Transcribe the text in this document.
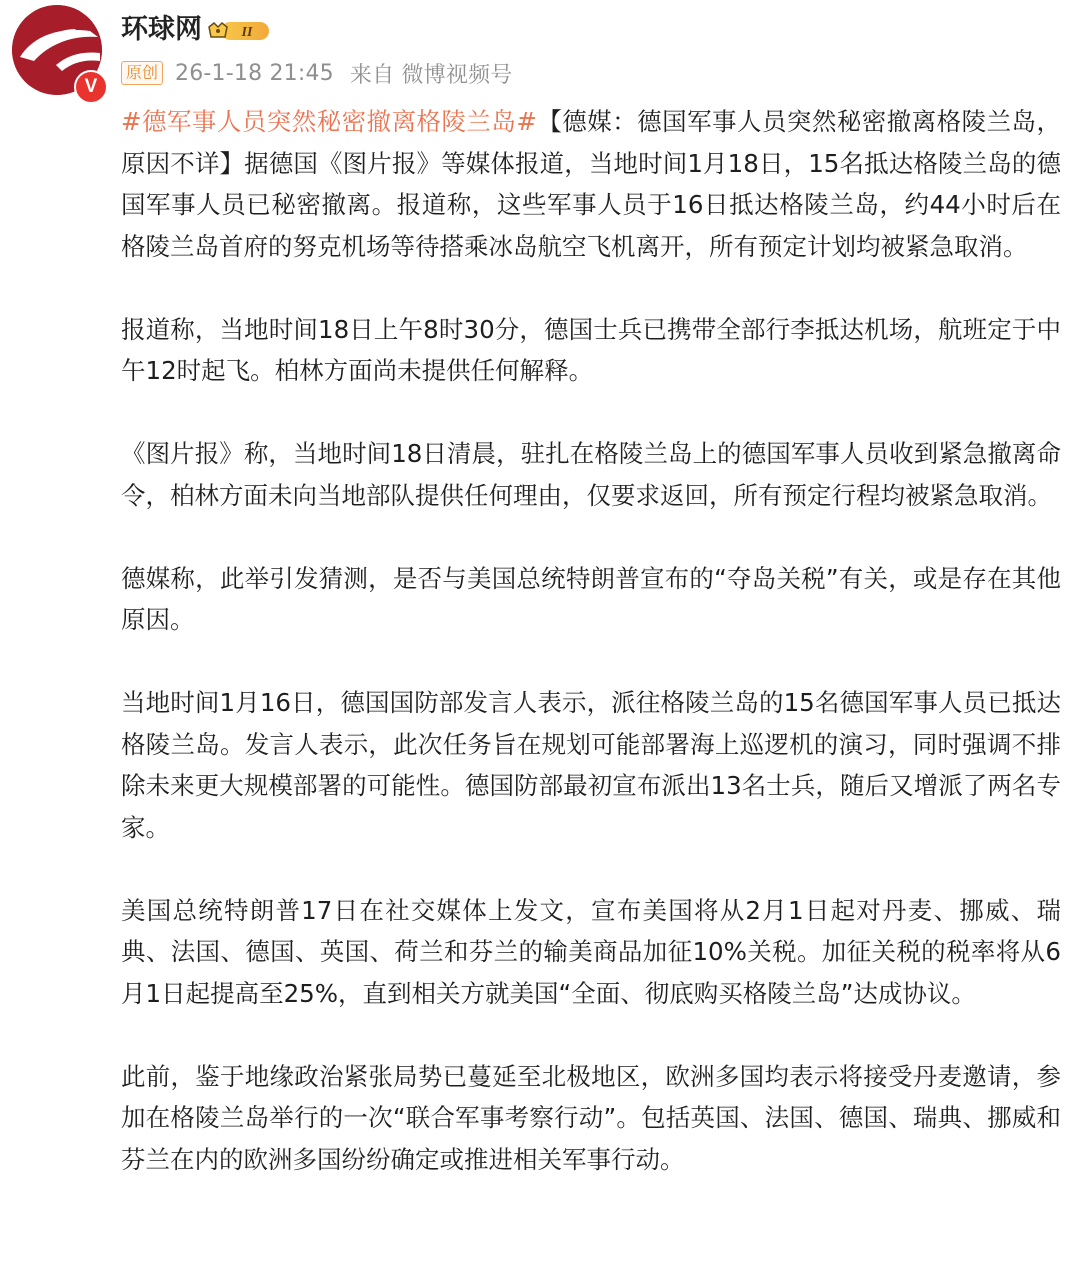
V
环球网	II
原创 26-1-18 21:45 来自 微博视频号

#德军事人员突然秘密撤离格陵兰岛#【德媒：德国军事人员突然秘密撤离格陵兰岛，原因不详】据德国《图片报》等媒体报道，当地时间1月18日，15名抵达格陵兰岛的德国军事人员已秘密撤离。报道称，这些军事人员于16日抵达格陵兰岛，约44小时后在格陵兰岛首府的努克机场等待搭乘冰岛航空飞机离开，所有预定计划均被紧急取消。

报道称，当地时间18日上午8时30分，德国士兵已携带全部行李抵达机场，航班定于中午12时起飞。柏林方面尚未提供任何解释。

《图片报》称，当地时间18日清晨，驻扎在格陵兰岛上的德国军事人员收到紧急撤离命令，柏林方面未向当地部队提供任何理由，仅要求返回，所有预定行程均被紧急取消。

德媒称，此举引发猜测，是否与美国总统特朗普宣布的“夺岛关税”有关，或是存在其他原因。

当地时间1月16日，德国国防部发言人表示，派往格陵兰岛的15名德国军事人员已抵达格陵兰岛。发言人表示，此次任务旨在规划可能部署海上巡逻机的演习，同时强调不排除未来更大规模部署的可能性。德国防部最初宣布派出13名士兵，随后又增派了两名专家。

美国总统特朗普17日在社交媒体上发文，宣布美国将从2月1日起对丹麦、挪威、瑞典、法国、德国、英国、荷兰和芬兰的输美商品加征10%关税。加征关税的税率将从6月1日起提高至25%，直到相关方就美国“全面、彻底购买格陵兰岛”达成协议。

此前，鉴于地缘政治紧张局势已蔓延至北极地区，欧洲多国均表示将接受丹麦邀请，参加在格陵兰岛举行的一次“联合军事考察行动”。包括英国、法国、德国、瑞典、挪威和芬兰在内的欧洲多国纷纷确定或推进相关军事行动。
